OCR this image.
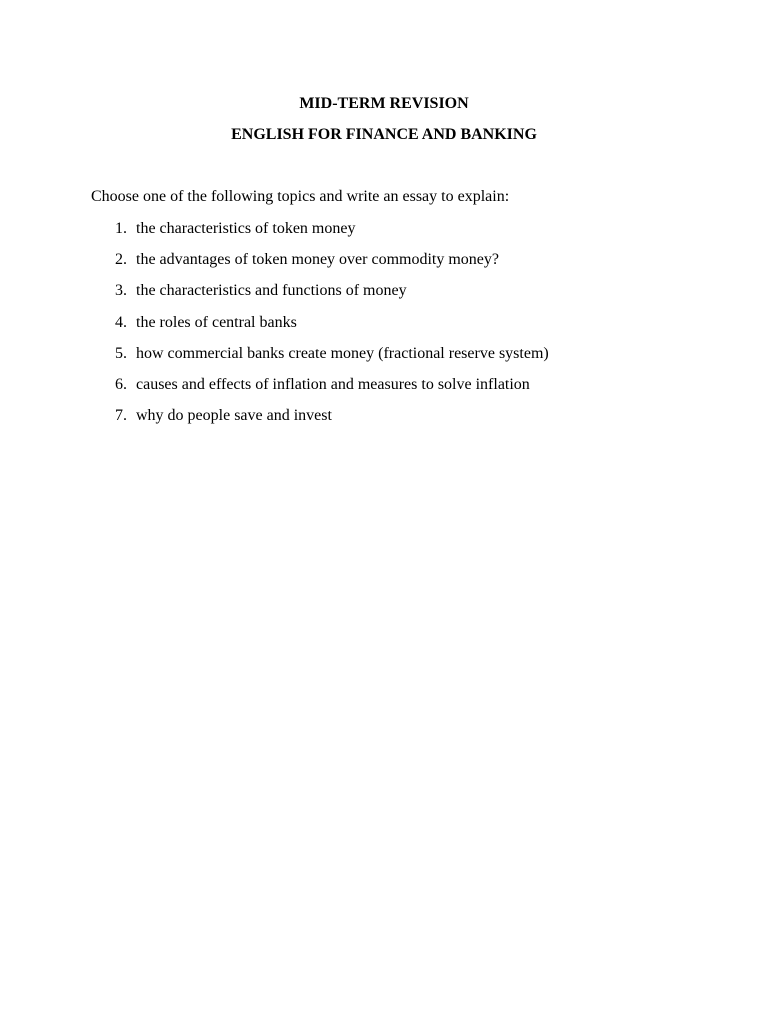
MID-TERM REVISION
ENGLISH FOR FINANCE AND BANKING
Choose one of the following topics and write an essay to explain:
1. the characteristics of token money
2. the advantages of token money over commodity money?
3. the characteristics and functions of money
4. the roles of central banks
5. how commercial banks create money (fractional reserve system)
6. causes and effects of inflation and measures to solve inflation
7. why do people save and invest
